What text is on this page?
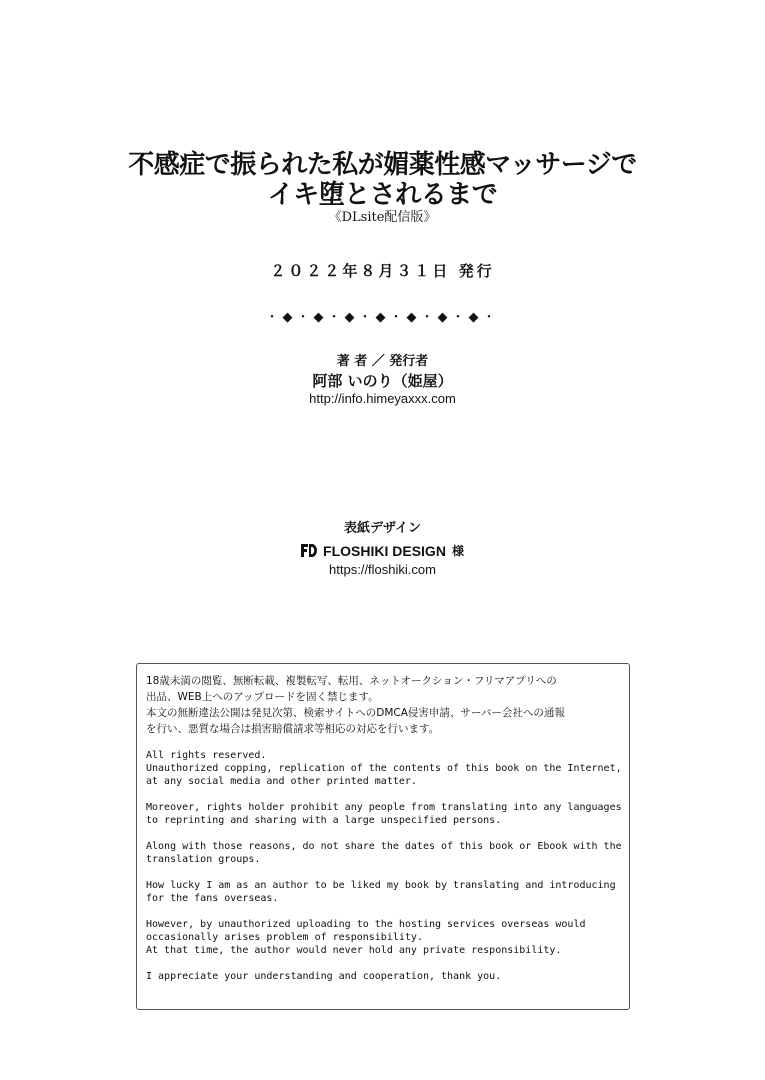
不感症で振られた私が媚薬性感マッサージで
イキ堕とされるまで
《DLsite配信版》
２０２２年８月３１日 発行
・◆・◆・◆・◆・◆・◆・◆・
著 者 ／ 発行者
阿部 いのり（姫屋）
http://info.himeyaxxx.com
表紙デザイン
FLOSHIKI DESIGN 様
https://floshiki.com
18歳未満の閲覧、無断転載、複製転写、転用、ネットオークション・フリマアプリへの
出品、WEB上へのアップロードを固く禁じます。
本文の無断違法公開は発見次第、検索サイトへのDMCA侵害申請、サーバー会社への通報
を行い、悪質な場合は損害賠償請求等相応の対応を行います。
All rights reserved.
Unauthorized copping, replication of the contents of this book on the Internet,
at any social media and other printed matter.
Moreover, rights holder prohibit any people from translating into any languages
to reprinting and sharing with a large unspecified persons.
Along with those reasons, do not share the dates of this book or Ebook with the
translation groups.
How lucky I am as an author to be liked my book by translating and introducing
for the fans overseas.
However, by unauthorized uploading to the hosting services overseas would
occasionally arises problem of responsibility.
At that time, the author would never hold any private responsibility.
I appreciate your understanding and cooperation, thank you.
